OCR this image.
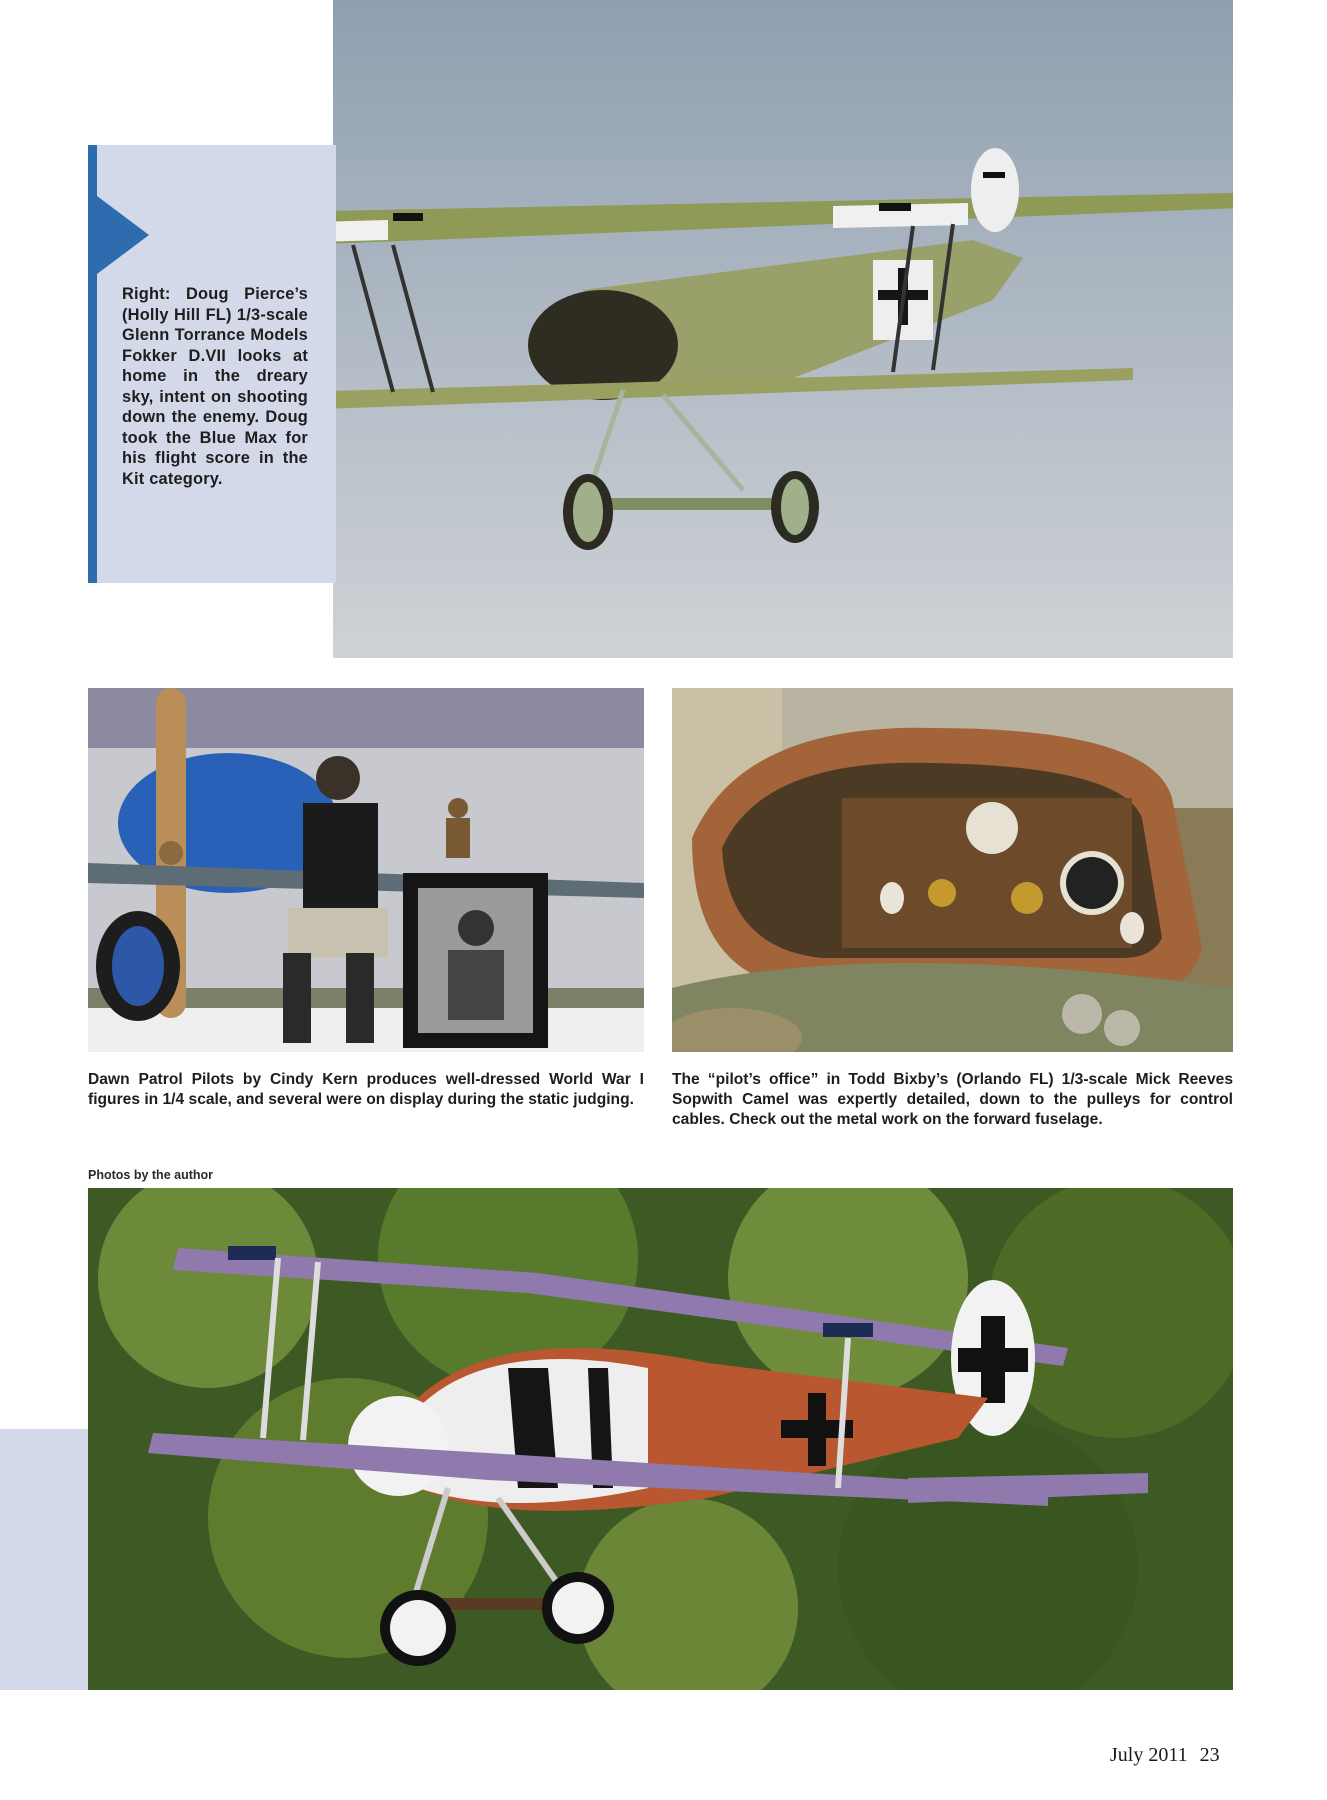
Right: Doug Pierce’s (Holly Hill FL) 1/3-scale Glenn Torrance Models Fokker D.VII looks at home in the dreary sky, intent on shooting down the enemy. Doug took the Blue Max for his flight score in the Kit category.
Dawn Patrol Pilots by Cindy Kern produces well-dressed World War I figures in 1/4 scale, and several were on display during the static judging.
The “pilot’s office” in Todd Bixby’s (Orlando FL) 1/3-scale Mick Reeves Sopwith Camel was expertly detailed, down to the pulleys for control cables. Check out the metal work on the forward fuselage.
Photos by the author
July 2011 23
